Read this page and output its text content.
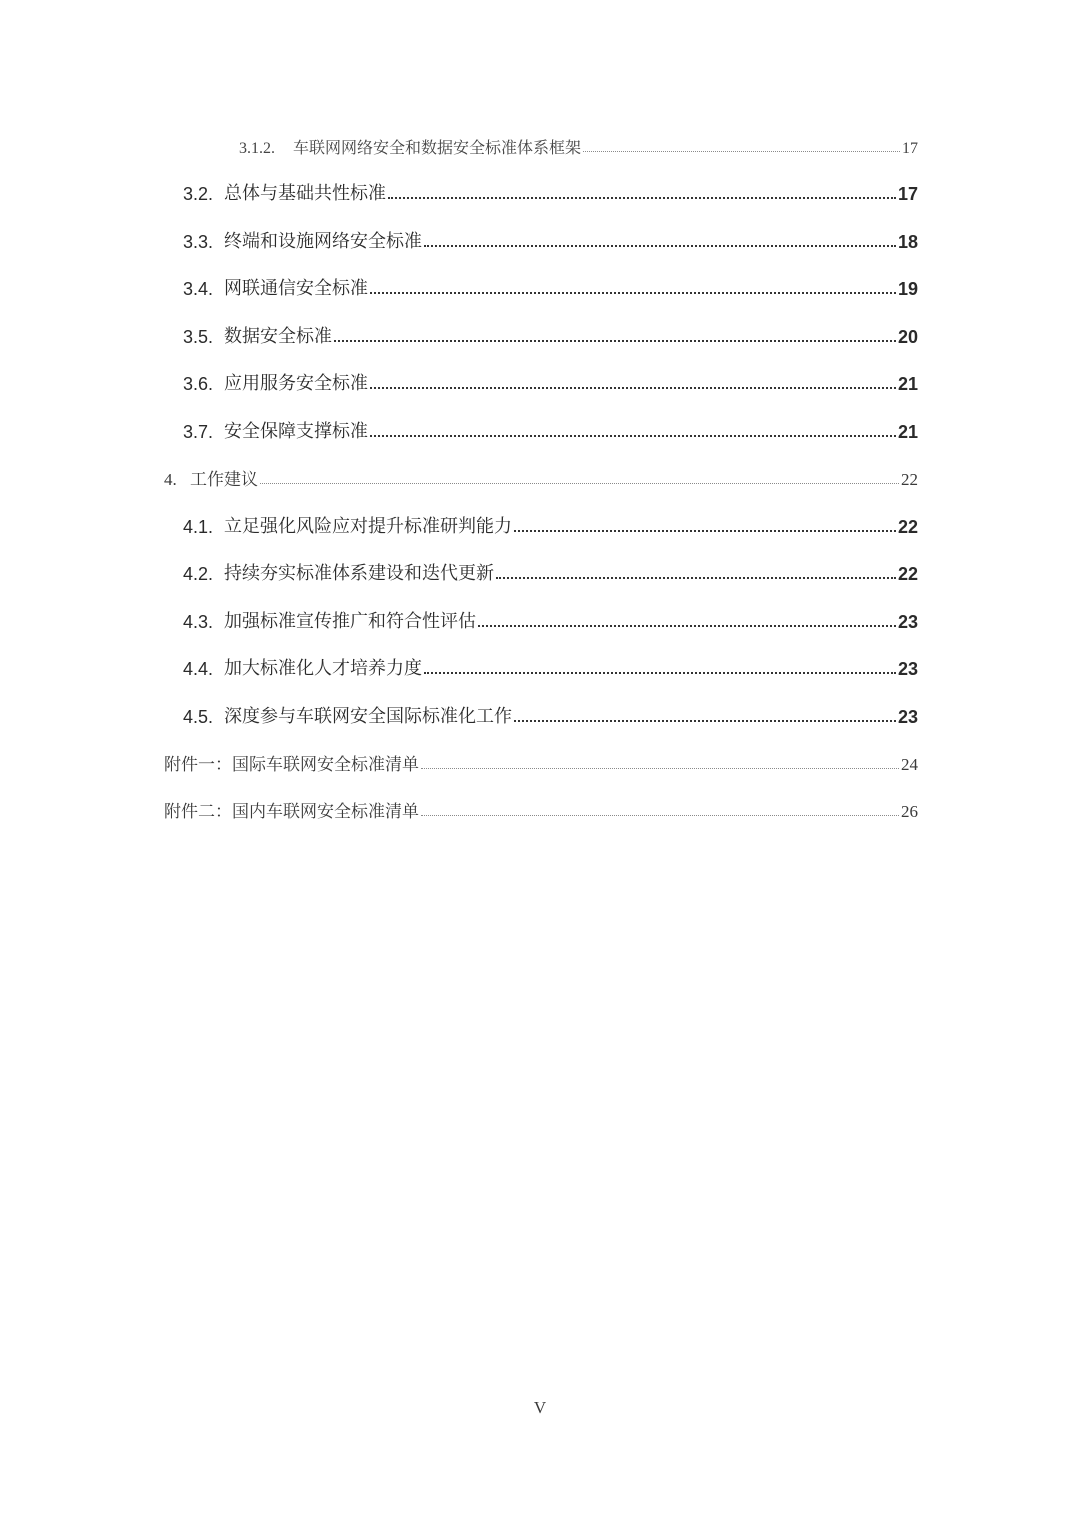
3.1.2.	车联网网络安全和数据安全标准体系框架	17
3.2. 总体与基础共性标准	17
3.3. 终端和设施网络安全标准	18
3.4. 网联通信安全标准	19
3.5. 数据安全标准	20
3.6. 应用服务安全标准	21
3.7. 安全保障支撑标准	21
4. 工作建议	22
4.1. 立足强化风险应对提升标准研判能力	22
4.2. 持续夯实标准体系建设和迭代更新	22
4.3. 加强标准宣传推广和符合性评估	23
4.4. 加大标准化人才培养力度	23
4.5. 深度参与车联网安全国际标准化工作	23
附件一：国际车联网安全标准清单	24
附件二：国内车联网安全标准清单	26
V
